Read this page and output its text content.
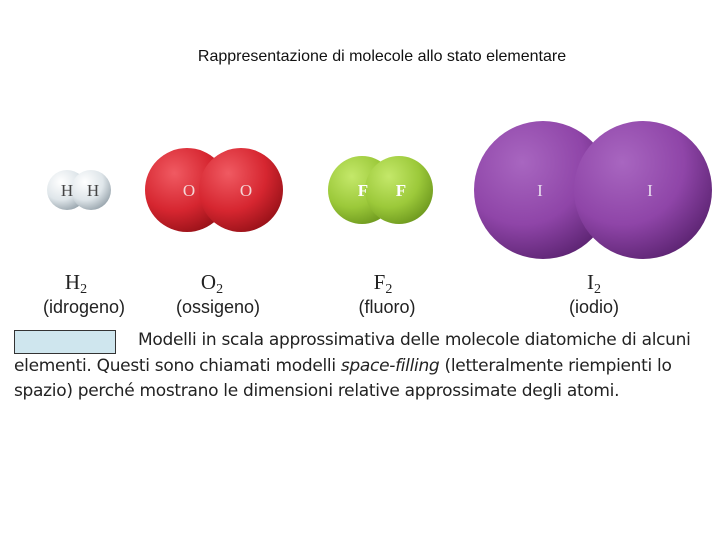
Rappresentazione di molecole allo stato elementare
H H	O	O	F F	I	I
$H_2$	$O_2$	$F_2$	$I_2$
(idrogeno)	(ossigeno)	(fluoro)	(iodio)
Modelli in scala approssimativa delle molecole diatomiche di alcuni elementi. Questi sono chiamati modelli space-filling (letteralmente riempienti lo spazio) perché mostrano le dimensioni relative approssimate degli atomi.
